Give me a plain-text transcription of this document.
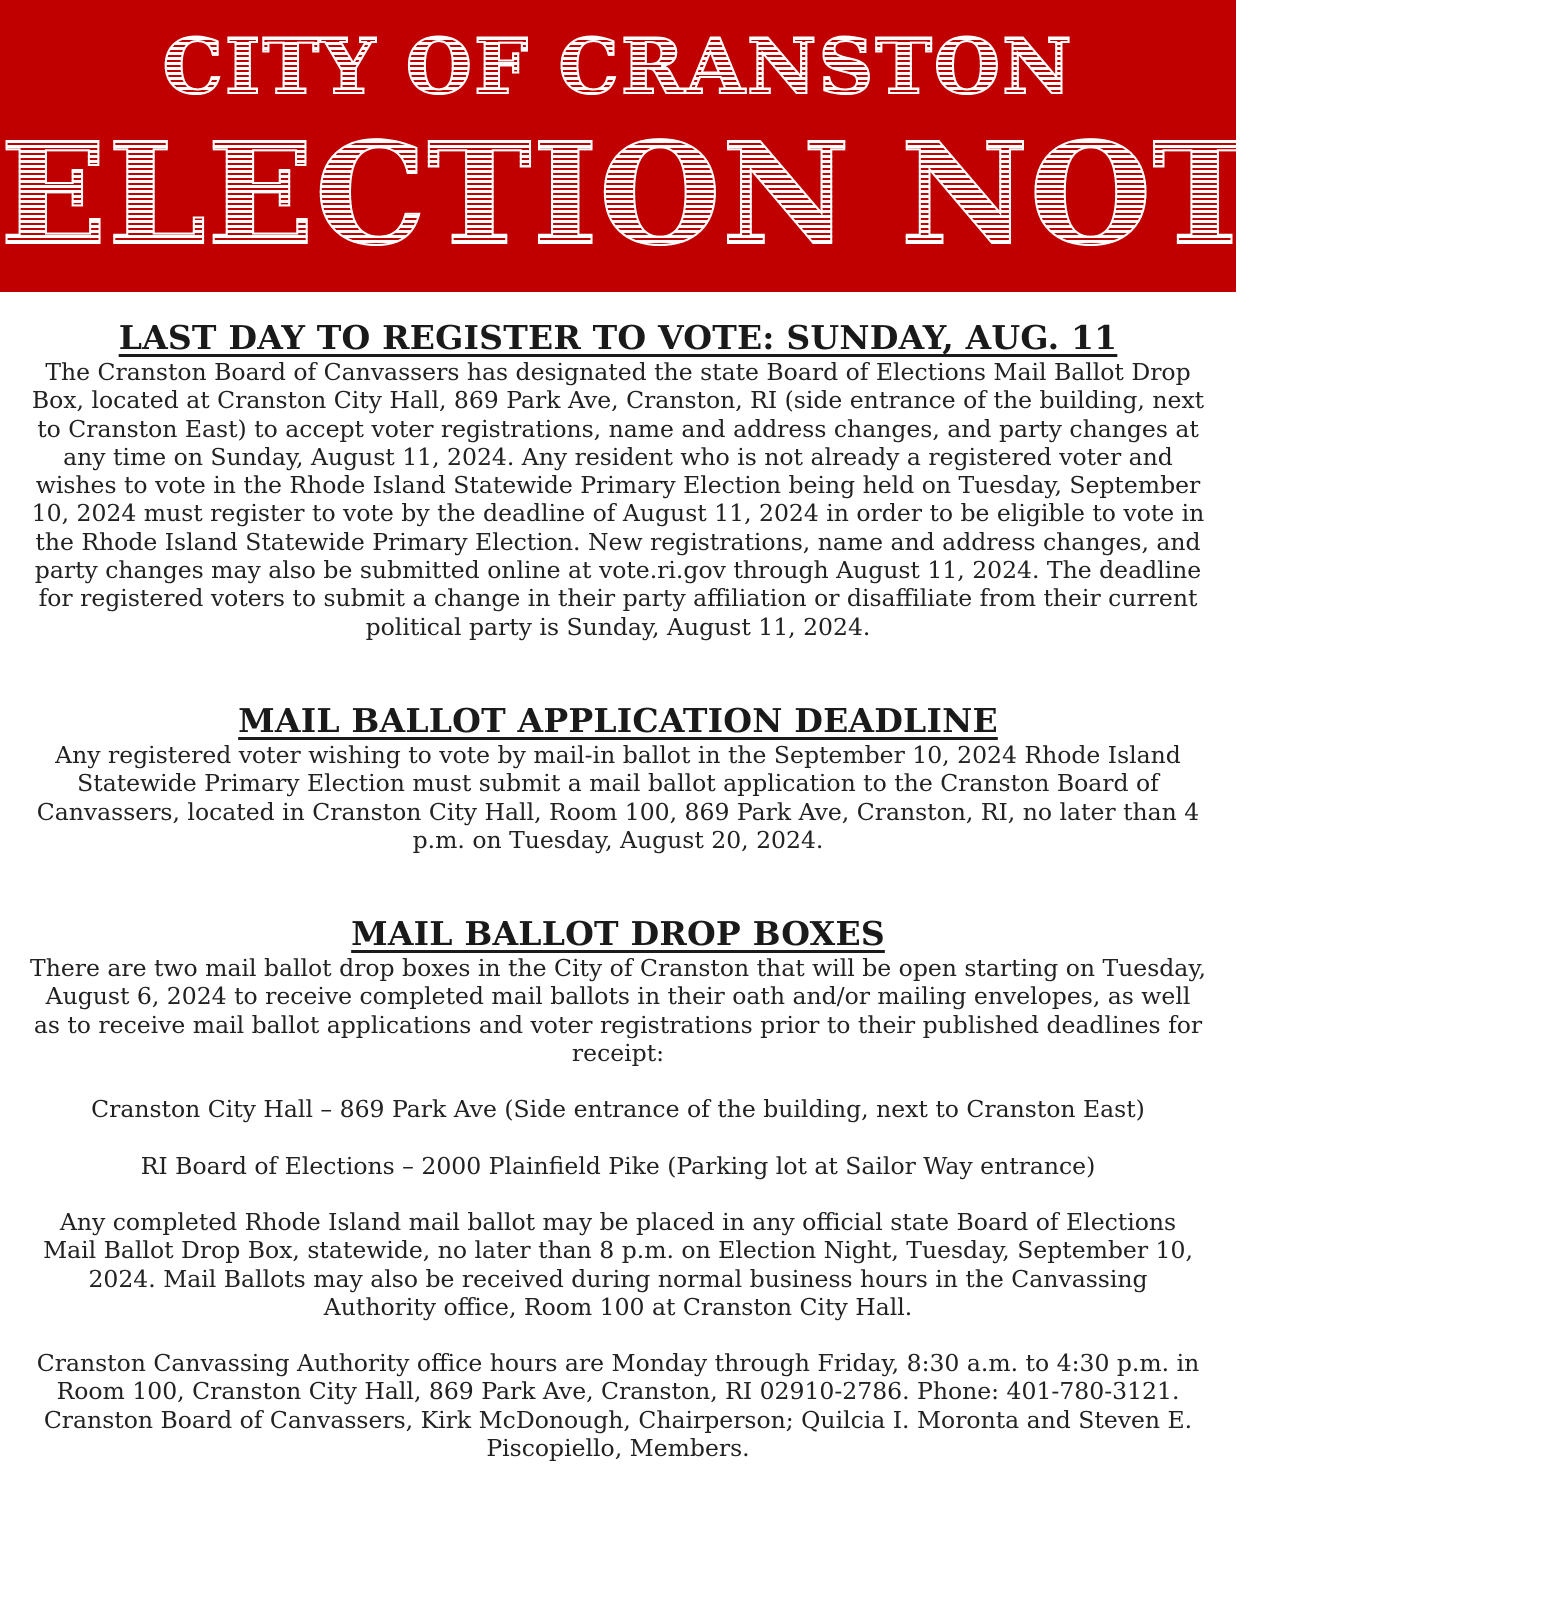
CITY OF CRANSTON
ELECTION NOTICE
LAST DAY TO REGISTER TO VOTE: SUNDAY, AUG. 11

The Cranston Board of Canvassers has designated the state Board of Elections Mail Ballot Drop Box, located at Cranston City Hall, 869 Park Ave, Cranston, RI (side entrance of the building, next to Cranston East) to accept voter registrations, name and address changes, and party changes at any time on Sunday, August 11, 2024. Any resident who is not already a registered voter and wishes to vote in the Rhode Island Statewide Primary Election being held on Tuesday, September 10, 2024 must register to vote by the deadline of August 11, 2024 in order to be eligible to vote in the Rhode Island Statewide Primary Election. New registrations, name and address changes, and party changes may also be submitted online at vote.ri.gov through August 11, 2024. The deadline for registered voters to submit a change in their party affiliation or disaffiliate from their current political party is Sunday, August 11, 2024.

MAIL BALLOT APPLICATION DEADLINE

Any registered voter wishing to vote by mail-in ballot in the September 10, 2024 Rhode Island Statewide Primary Election must submit a mail ballot application to the Cranston Board of Canvassers, located in Cranston City Hall, Room 100, 869 Park Ave, Cranston, RI, no later than 4 p.m. on Tuesday, August 20, 2024.

MAIL BALLOT DROP BOXES

There are two mail ballot drop boxes in the City of Cranston that will be open starting on Tuesday, August 6, 2024 to receive completed mail ballots in their oath and/or mailing envelopes, as well as to receive mail ballot applications and voter registrations prior to their published deadlines for receipt:

Cranston City Hall – 869 Park Ave (Side entrance of the building, next to Cranston East)

RI Board of Elections – 2000 Plainfield Pike (Parking lot at Sailor Way entrance)

Any completed Rhode Island mail ballot may be placed in any official state Board of Elections Mail Ballot Drop Box, statewide, no later than 8 p.m. on Election Night, Tuesday, September 10, 2024. Mail Ballots may also be received during normal business hours in the Canvassing Authority office, Room 100 at Cranston City Hall.

Cranston Canvassing Authority office hours are Monday through Friday, 8:30 a.m. to 4:30 p.m. in Room 100, Cranston City Hall, 869 Park Ave, Cranston, RI 02910-2786. Phone: 401-780-3121. Cranston Board of Canvassers, Kirk McDonough, Chairperson; Quilcia I. Moronta and Steven E. Piscopiello, Members.
